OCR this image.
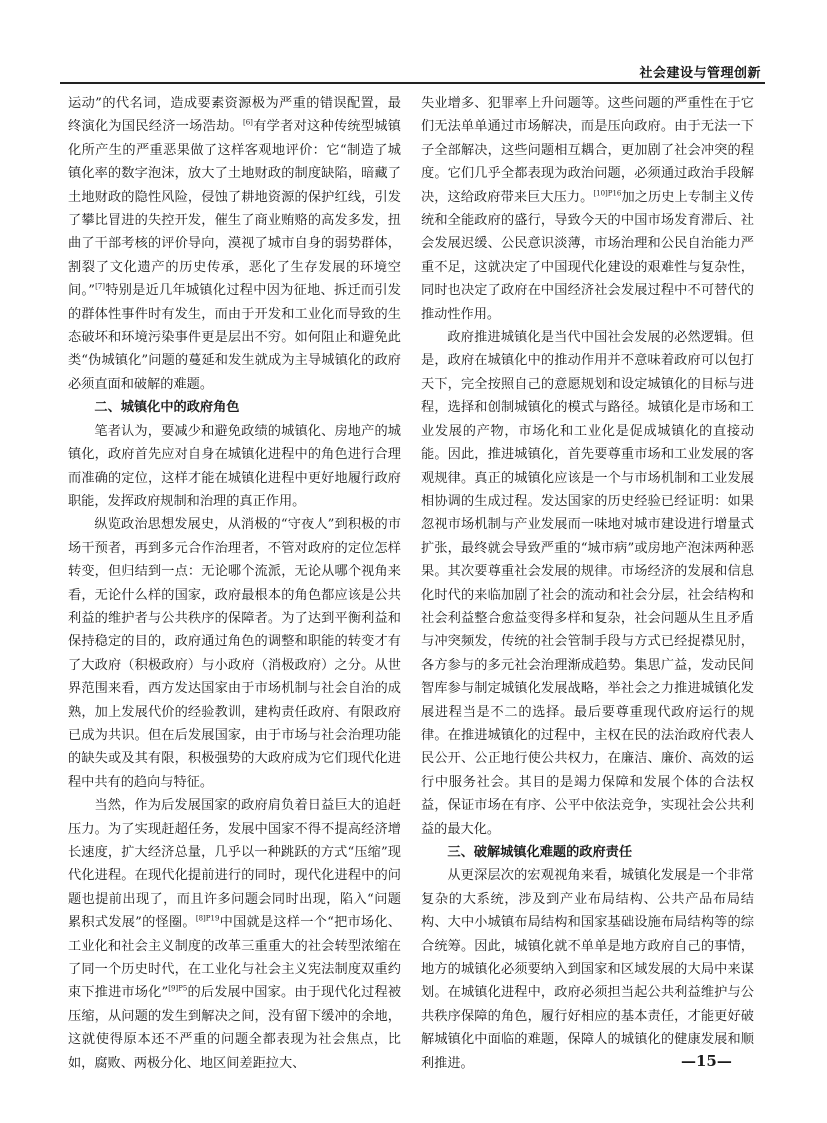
社会建设与管理创新

运动”的代名词，造成要素资源极为严重的错误配置，最终演化为国民经济一场浩劫。[6]有学者对这种传统型城镇化所产生的严重恶果做了这样客观地评价：它“制造了城镇化率的数字泡沫，放大了土地财政的制度缺陷，暗藏了土地财政的隐性风险，侵蚀了耕地资源的保护红线，引发了攀比冒进的失控开发，催生了商业贿赂的高发多发，扭曲了干部考核的评价导向，漠视了城市自身的弱势群体，割裂了文化遗产的历史传承，恶化了生存发展的环境空间。”[7]特别是近几年城镇化过程中因为征地、拆迁而引发的群体性事件时有发生，而由于开发和工业化而导致的生态破坏和环境污染事件更是层出不穷。如何阻止和避免此类“伪城镇化”问题的蔓延和发生就成为主导城镇化的政府必须直面和破解的难题。

二、城镇化中的政府角色

笔者认为，要减少和避免政绩的城镇化、房地产的城镇化，政府首先应对自身在城镇化进程中的角色进行合理而准确的定位，这样才能在城镇化进程中更好地履行政府职能，发挥政府规制和治理的真正作用。

纵览政治思想发展史，从消极的“守夜人”到积极的市场干预者，再到多元合作治理者，不管对政府的定位怎样转变，但归结到一点：无论哪个流派，无论从哪个视角来看，无论什么样的国家，政府最根本的角色都应该是公共利益的维护者与公共秩序的保障者。为了达到平衡利益和保持稳定的目的，政府通过角色的调整和职能的转变才有了大政府（积极政府）与小政府（消极政府）之分。从世界范围来看，西方发达国家由于市场机制与社会自治的成熟，加上发展代价的经验教训，建构责任政府、有限政府已成为共识。但在后发展国家，由于市场与社会治理功能的缺失或及其有限，积极强势的大政府成为它们现代化进程中共有的趋向与特征。

当然，作为后发展国家的政府肩负着日益巨大的追赶压力。为了实现赶超任务，发展中国家不得不提高经济增长速度，扩大经济总量，几乎以一种跳跃的方式“压缩”现代化进程。在现代化提前进行的同时，现代化进程中的问题也提前出现了，而且许多问题会同时出现，陷入“问题累积式发展”的怪圈。$^{[8]P19}$中国就是这样一个“把市场化、工业化和社会主义制度的改革三重重大的社会转型浓缩在了同一个历史时代，在工业化与社会主义宪法制度双重约束下推进市场化”$^{[9]P5}$的后发展中国家。由于现代化过程被压缩，从问题的发生到解决之间，没有留下缓冲的余地，这就使得原本还不严重的问题全都表现为社会焦点，比如，腐败、两极分化、地区间差距拉大、

失业增多、犯罪率上升问题等。这些问题的严重性在于它们无法单单通过市场解决，而是压向政府。由于无法一下子全部解决，这些问题相互耦合，更加剧了社会冲突的程度。它们几乎全都表现为政治问题，必须通过政治手段解决，这给政府带来巨大压力。$^{[10]P16}$加之历史上专制主义传统和全能政府的盛行，导致今天的中国市场发育滞后、社会发展迟缓、公民意识淡薄，市场治理和公民自治能力严重不足，这就决定了中国现代化建设的艰难性与复杂性，同时也决定了政府在中国经济社会发展过程中不可替代的推动性作用。

政府推进城镇化是当代中国社会发展的必然逻辑。但是，政府在城镇化中的推动作用并不意味着政府可以包打天下，完全按照自己的意愿规划和设定城镇化的目标与进程，选择和创制城镇化的模式与路径。城镇化是市场和工业发展的产物，市场化和工业化是促成城镇化的直接动能。因此，推进城镇化，首先要尊重市场和工业发展的客观规律。真正的城镇化应该是一个与市场机制和工业发展相协调的生成过程。发达国家的历史经验已经证明：如果忽视市场机制与产业发展而一味地对城市建设进行增量式扩张，最终就会导致严重的“城市病”或房地产泡沫两种恶果。其次要尊重社会发展的规律。市场经济的发展和信息化时代的来临加剧了社会的流动和社会分层，社会结构和社会利益整合愈益变得多样和复杂，社会问题从生且矛盾与冲突频发，传统的社会管制手段与方式已经捉襟见肘，各方参与的多元社会治理渐成趋势。集思广益，发动民间智库参与制定城镇化发展战略，举社会之力推进城镇化发展进程当是不二的选择。最后要尊重现代政府运行的规律。在推进城镇化的过程中，主权在民的法治政府代表人民公开、公正地行使公共权力，在廉洁、廉价、高效的运行中服务社会。其目的是竭力保障和发展个体的合法权益，保证市场在有序、公平中依法竞争，实现社会公共利益的最大化。

三、破解城镇化难题的政府责任

从更深层次的宏观视角来看，城镇化发展是一个非常复杂的大系统，涉及到产业布局结构、公共产品布局结构、大中小城镇布局结构和国家基础设施布局结构等的综合统筹。因此，城镇化就不单单是地方政府自己的事情，地方的城镇化必须要纳入到国家和区域发展的大局中来谋划。在城镇化进程中，政府必须担当起公共利益维护与公共秩序保障的角色，履行好相应的基本责任，才能更好破解城镇化中面临的难题，保障人的城镇化的健康发展和顺利推进。	—15—
